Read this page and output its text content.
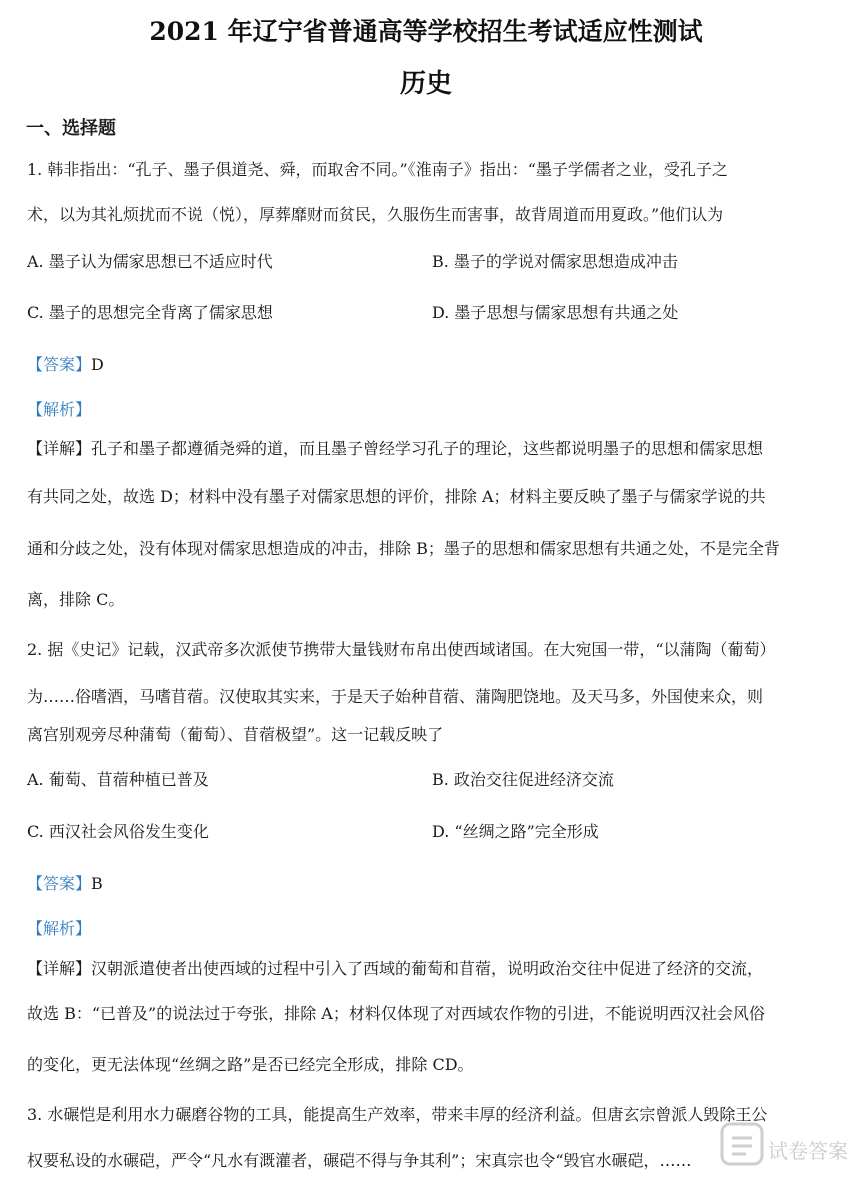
2021 年辽宁省普通高等学校招生考试适应性测试
历史
一、选择题
1. 韩非指出：“孔子、墨子俱道尧、舜，而取舍不同。”《淮南子》指出：“墨子学儒者之业，受孔子之
术，以为其礼烦扰而不说（悦），厚葬靡财而贫民，久服伤生而害事，故背周道而用夏政。”他们认为
A. 墨子认为儒家思想已不适应时代	B. 墨子的学说对儒家思想造成冲击
C. 墨子的思想完全背离了儒家思想	D. 墨子思想与儒家思想有共通之处
【答案】D
【解析】
【详解】孔子和墨子都遵循尧舜的道，而且墨子曾经学习孔子的理论，这些都说明墨子的思想和儒家思想
有共同之处，故选 D；材料中没有墨子对儒家思想的评价，排除 A；材料主要反映了墨子与儒家学说的共
通和分歧之处，没有体现对儒家思想造成的冲击，排除 B；墨子的思想和儒家思想有共通之处，不是完全背
离，排除 C。
2. 据《史记》记载，汉武帝多次派使节携带大量钱财布帛出使西域诸国。在大宛国一带，“以蒲陶（葡萄）
为……俗嗜酒，马嗜苜蓿。汉使取其实来，于是天子始种苜蓿、蒲陶肥饶地。及天马多，外国使来众，则
离宫别观旁尽种蒲萄（葡萄）、苜蓿极望”。这一记载反映了
A. 葡萄、苜蓿种植已普及	B. 政治交往促进经济交流
C. 西汉社会风俗发生变化	D. “丝绸之路”完全形成
【答案】B
【解析】
【详解】汉朝派遣使者出使西域的过程中引入了西域的葡萄和苜蓿，说明政治交往中促进了经济的交流，
故选 B：“已普及”的说法过于夸张，排除 A；材料仅体现了对西域农作物的引进，不能说明西汉社会风俗
的变化，更无法体现“丝绸之路”是否已经完全形成，排除 CD。
3. 水碾恺是利用水力碾磨谷物的工具，能提高生产效率，带来丰厚的经济利益。但唐玄宗曾派人毁除王公
权要私设的水碾硙，严令“凡水有溉灌者，碾硙不得与争其利”；宋真宗也令“毁官水碾硙，……	试卷答案
